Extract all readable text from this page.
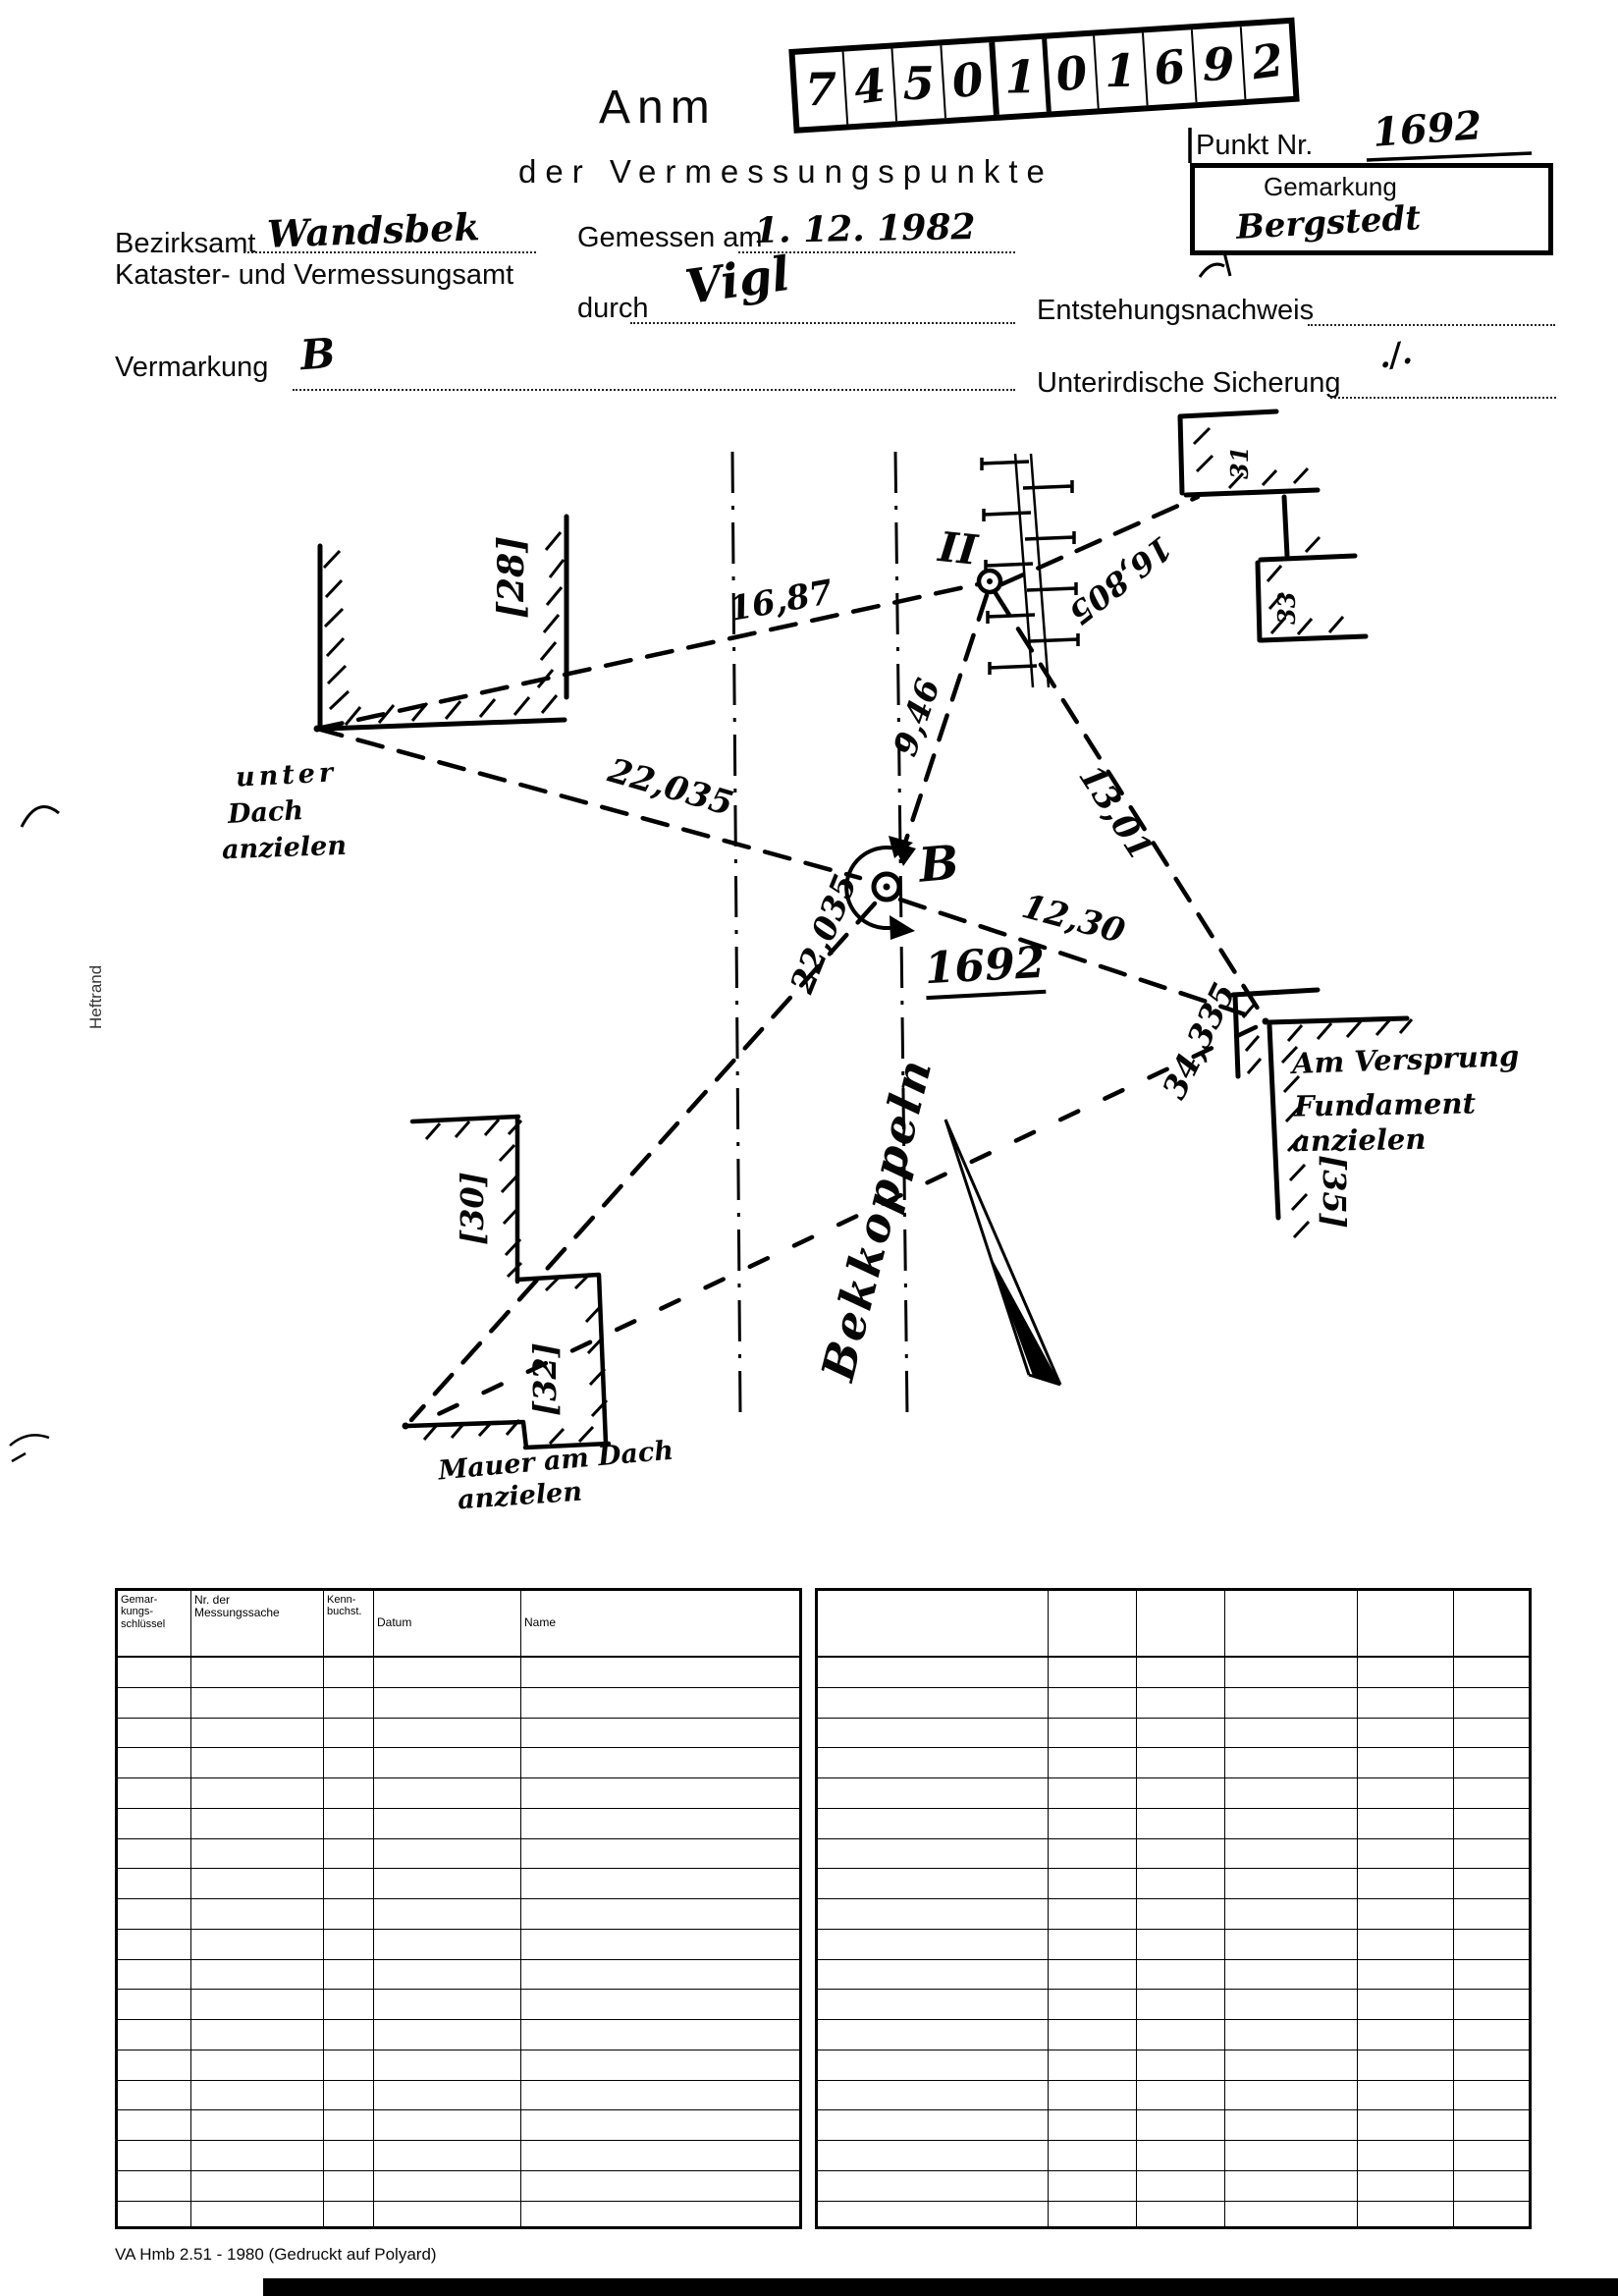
Anm
der Vermessungspunkte
7 4 5 0 1 0 1 6 9 2
Punkt Nr. 1692
Gemarkung
Bergstedt
Bezirksamt Wandsbek
Kataster- und Vermessungsamt
Gemessen am
1. 12. 1982
durch Vigl	Entstehungsnachweis
Vermarkung B
Unterirdische Sicherung
./.
Heftrand
16,87
22,035
9,46
12,30
13,01
34,335
16,805
22,035
B
1692
II
Bekkoppeln
[28]
[30]
[32]
[35]
31
33
unter
Dach
anzielen
Am Versprung
Fundament
anzielen
Mauer am Dach
anzielen
Gemar-
kungs-
schlüssel
Nr. der
Messungssache
Kenn-
buchst.
Datum	Name
VA Hmb 2.51 - 1980 (Gedruckt auf Polyard)
